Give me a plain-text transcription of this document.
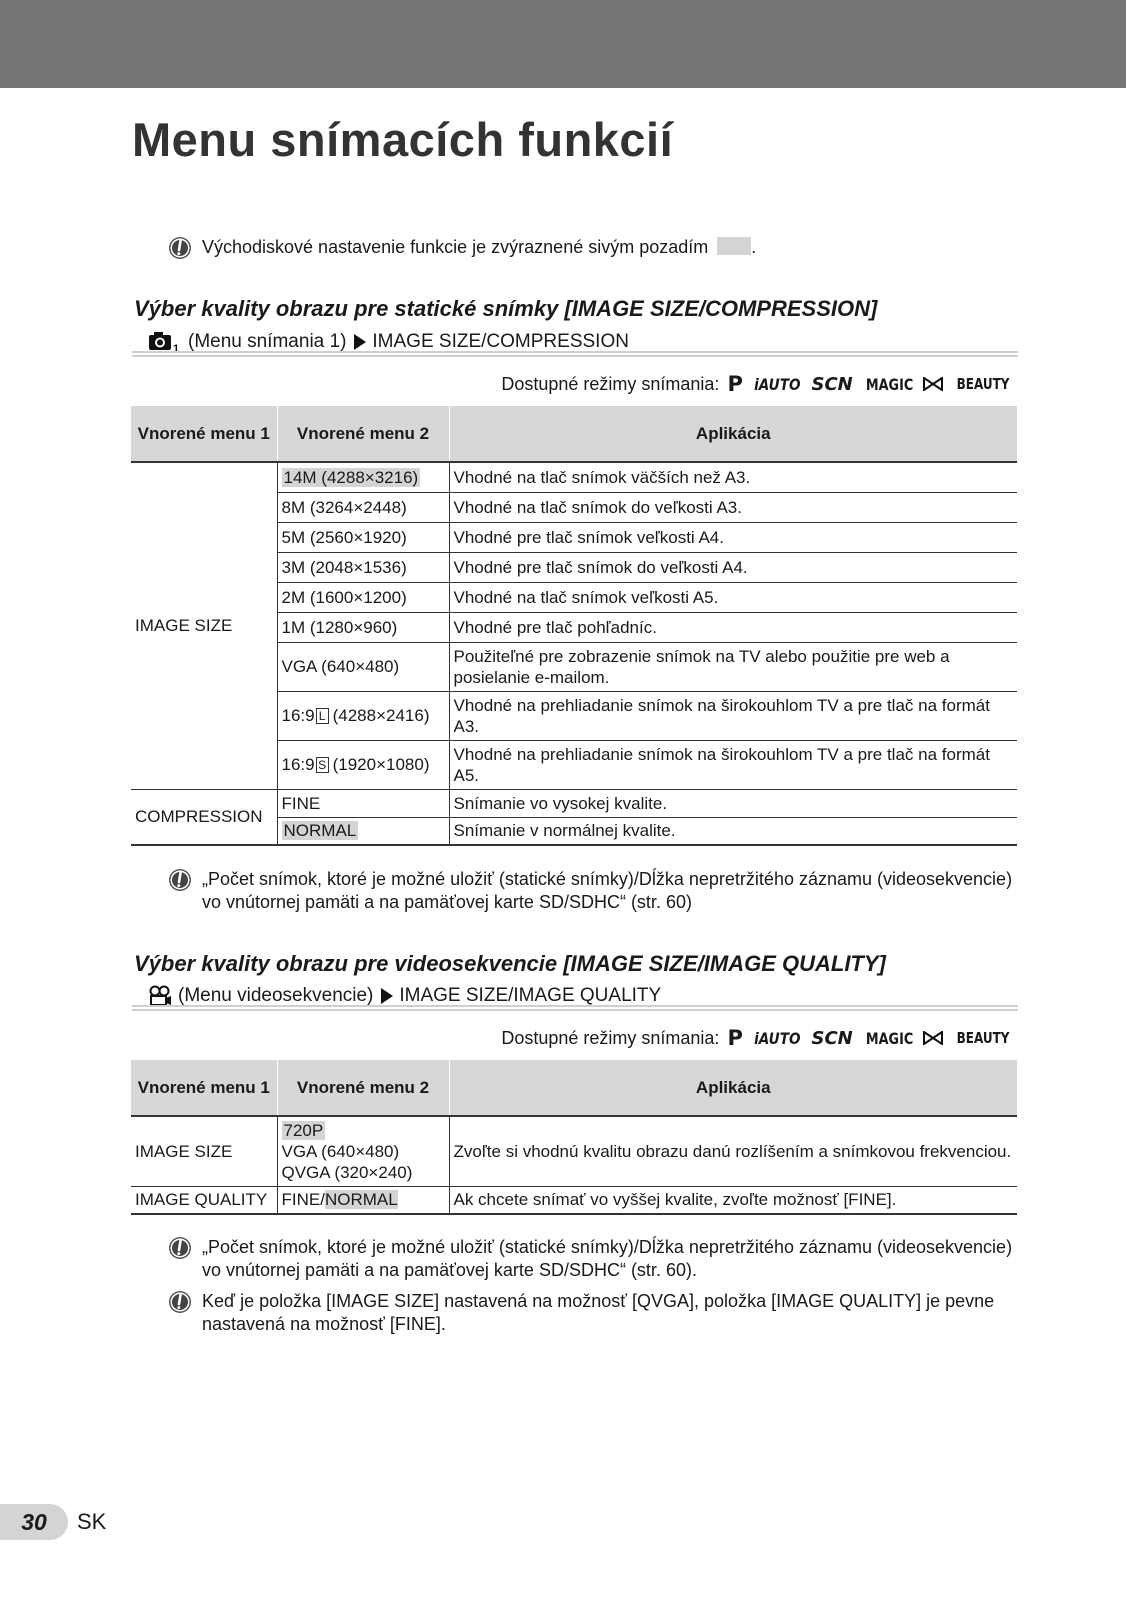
Menu snímacích funkcií
Východiskové nastavenie funkcie je zvýraznené sivým pozadím .
Výber kvality obrazu pre statické snímky [IMAGE SIZE/COMPRESSION]
1 (Menu snímania 1) IMAGE SIZE/COMPRESSION
Dostupné režimy snímania: P iAUTO SCN MAGIC	BEAUTY
Vnorené menu 1	Vnorené menu 2	Aplikácia
IMAGE SIZE	14M (4288×3216)	Vhodné na tlač snímok väčších než A3.
	8M (3264×2448)	Vhodné na tlač snímok do veľkosti A3.
	5M (2560×1920)	Vhodné pre tlač snímok veľkosti A4.
	3M (2048×1536)	Vhodné pre tlač snímok do veľkosti A4.
	2M (1600×1200)	Vhodné na tlač snímok veľkosti A5.
	1M (1280×960)	Vhodné pre tlač pohľadníc.
	VGA (640×480)	Použiteľné pre zobrazenie snímok na TV alebo použitie pre web a posielanie e-mailom.
	16:9 L (4288×2416)	Vhodné na prehliadanie snímok na širokouhlom TV a pre tlač na formát A3.
	16:9 S (1920×1080)	Vhodné na prehliadanie snímok na širokouhlom TV a pre tlač na formát A5.
COMPRESSION	FINE	Snímanie vo vysokej kvalite.
	NORMAL	Snímanie v normálnej kvalite.
„Počet snímok, ktoré je možné uložiť (statické snímky)/Dĺžka nepretržitého záznamu (videosekvencie) vo vnútornej pamäti a na pamäťovej karte SD/SDHC“ (str. 60)
Výber kvality obrazu pre videosekvencie [IMAGE SIZE/IMAGE QUALITY]
(Menu videosekvencie) IMAGE SIZE/IMAGE QUALITY
Dostupné režimy snímania: P iAUTO SCN MAGIC	BEAUTY
Vnorené menu 1	Vnorené menu 2	Aplikácia
IMAGE SIZE	720P
VGA (640×480)
QVGA (320×240)	Zvoľte si vhodnú kvalitu obrazu danú rozlíšením a snímkovou frekvenciou.
IMAGE QUALITY	FINE/NORMAL	Ak chcete snímať vo vyššej kvalite, zvoľte možnosť [FINE].
„Počet snímok, ktoré je možné uložiť (statické snímky)/Dĺžka nepretržitého záznamu (videosekvencie) vo vnútornej pamäti a na pamäťovej karte SD/SDHC“ (str. 60).
Keď je položka [IMAGE SIZE] nastavená na možnosť [QVGA], položka [IMAGE QUALITY] je pevne nastavená na možnosť [FINE].
30	SK
